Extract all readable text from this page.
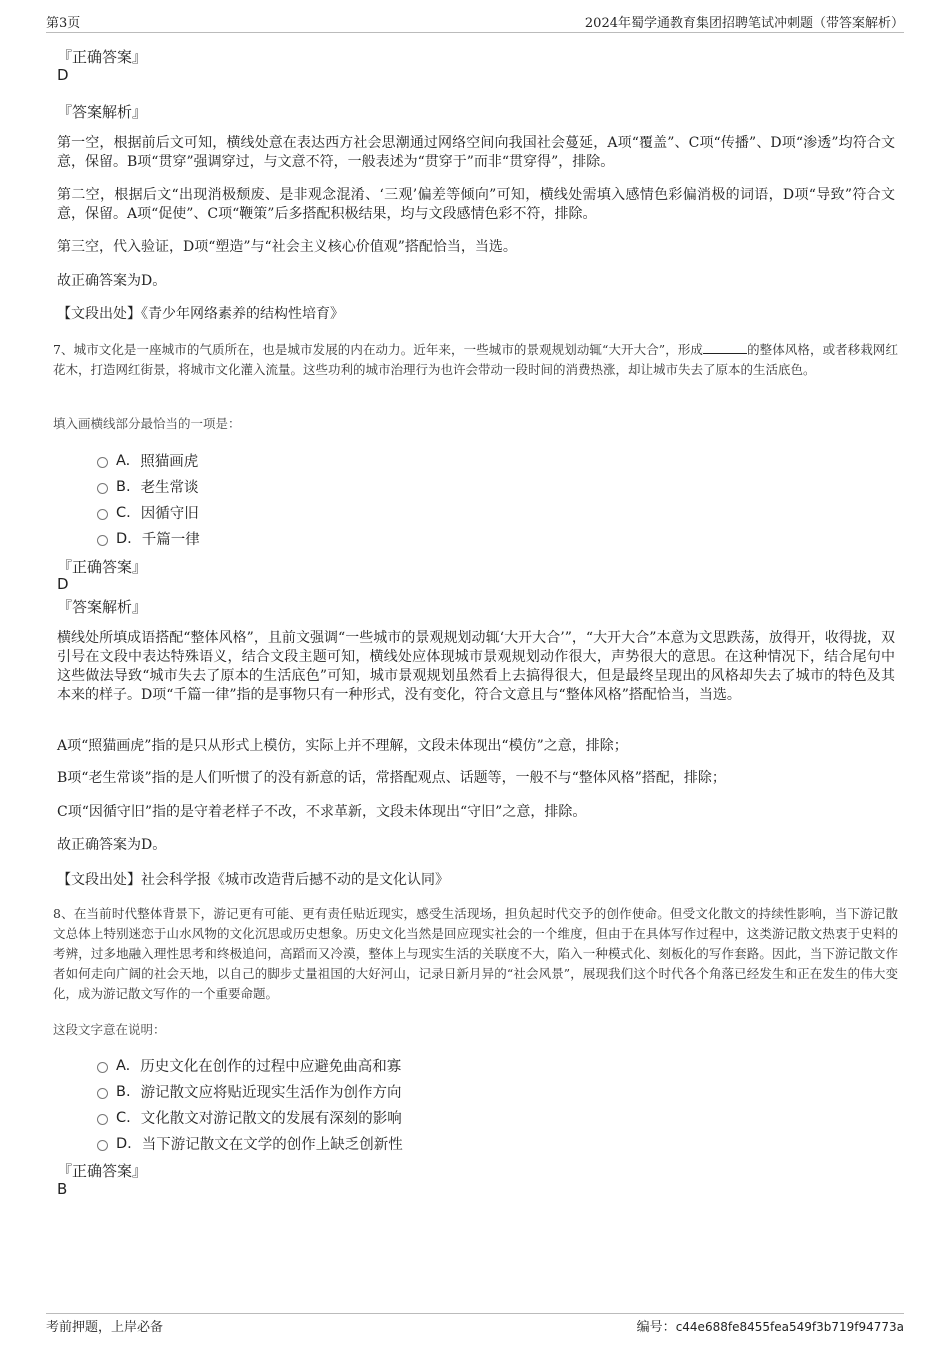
第3页	2024年蜀学通教育集团招聘笔试冲刺题（带答案解析）
『正确答案』
D
『答案解析』
第一空，根据前后文可知，横线处意在表达西方社会思潮通过网络空间向我国社会蔓延，A项“覆盖”、C项“传播”、D项“渗透”均符合文意，保留。B项“贯穿”强调穿过，与文意不符，一般表述为“贯穿于”而非“贯穿得”，排除。
第二空，根据后文“出现消极颓废、是非观念混淆、‘三观’偏差等倾向”可知，横线处需填入感情色彩偏消极的词语，D项“导致”符合文意，保留。A项“促使”、C项“鞭策”后多搭配积极结果，均与文段感情色彩不符，排除。
第三空，代入验证，D项“塑造”与“社会主义核心价值观”搭配恰当，当选。
故正确答案为D。
【文段出处】《青少年网络素养的结构性培育》
7、城市文化是一座城市的气质所在，也是城市发展的内在动力。近年来，一些城市的景观规划动辄“大开大合”，形成	的整体风格，或者移栽网红花木，打造网红街景，将城市文化灌入流量。这些功利的城市治理行为也许会带动一段时间的消费热涨，却让城市失去了原本的生活底色。
填入画横线部分最恰当的一项是：
A. 照猫画虎
B. 老生常谈
C. 因循守旧
D. 千篇一律
『正确答案』
D
『答案解析』
横线处所填成语搭配“整体风格”，且前文强调“一些城市的景观规划动辄‘大开大合’”，“大开大合”本意为文思跌荡，放得开，收得拢，双引号在文段中表达特殊语义，结合文段主题可知，横线处应体现城市景观规划动作很大，声势很大的意思。在这种情况下，结合尾句中这些做法导致“城市失去了原本的生活底色”可知，城市景观规划虽然看上去搞得很大，但是最终呈现出的风格却失去了城市的特色及其本来的样子。D项“千篇一律”指的是事物只有一种形式，没有变化，符合文意且与“整体风格”搭配恰当，当选。
A项“照猫画虎”指的是只从形式上模仿，实际上并不理解，文段未体现出“模仿”之意，排除；
B项“老生常谈”指的是人们听惯了的没有新意的话，常搭配观点、话题等，一般不与“整体风格”搭配，排除；
C项“因循守旧”指的是守着老样子不改，不求革新，文段未体现出“守旧”之意，排除。
故正确答案为D。
【文段出处】社会科学报《城市改造背后撼不动的是文化认同》
8、在当前时代整体背景下，游记更有可能、更有责任贴近现实，感受生活现场，担负起时代交予的创作使命。但受文化散文的持续性影响，当下游记散文总体上特别迷恋于山水风物的文化沉思或历史想象。历史文化当然是回应现实社会的一个维度，但由于在具体写作过程中，这类游记散文热衷于史料的考辨，过多地融入理性思考和终极追问，高蹈而又冷漠，整体上与现实生活的关联度不大，陷入一种模式化、刻板化的写作套路。因此，当下游记散文作者如何走向广阔的社会天地，以自己的脚步丈量祖国的大好河山，记录日新月异的“社会风景”，展现我们这个时代各个角落已经发生和正在发生的伟大变化，成为游记散文写作的一个重要命题。
这段文字意在说明：
A. 历史文化在创作的过程中应避免曲高和寡
B. 游记散文应将贴近现实生活作为创作方向
C. 文化散文对游记散文的发展有深刻的影响
D. 当下游记散文在文学的创作上缺乏创新性
『正确答案』
B
考前押题，上岸必备	编号：c44e688fe8455fea549f3b719f94773a
